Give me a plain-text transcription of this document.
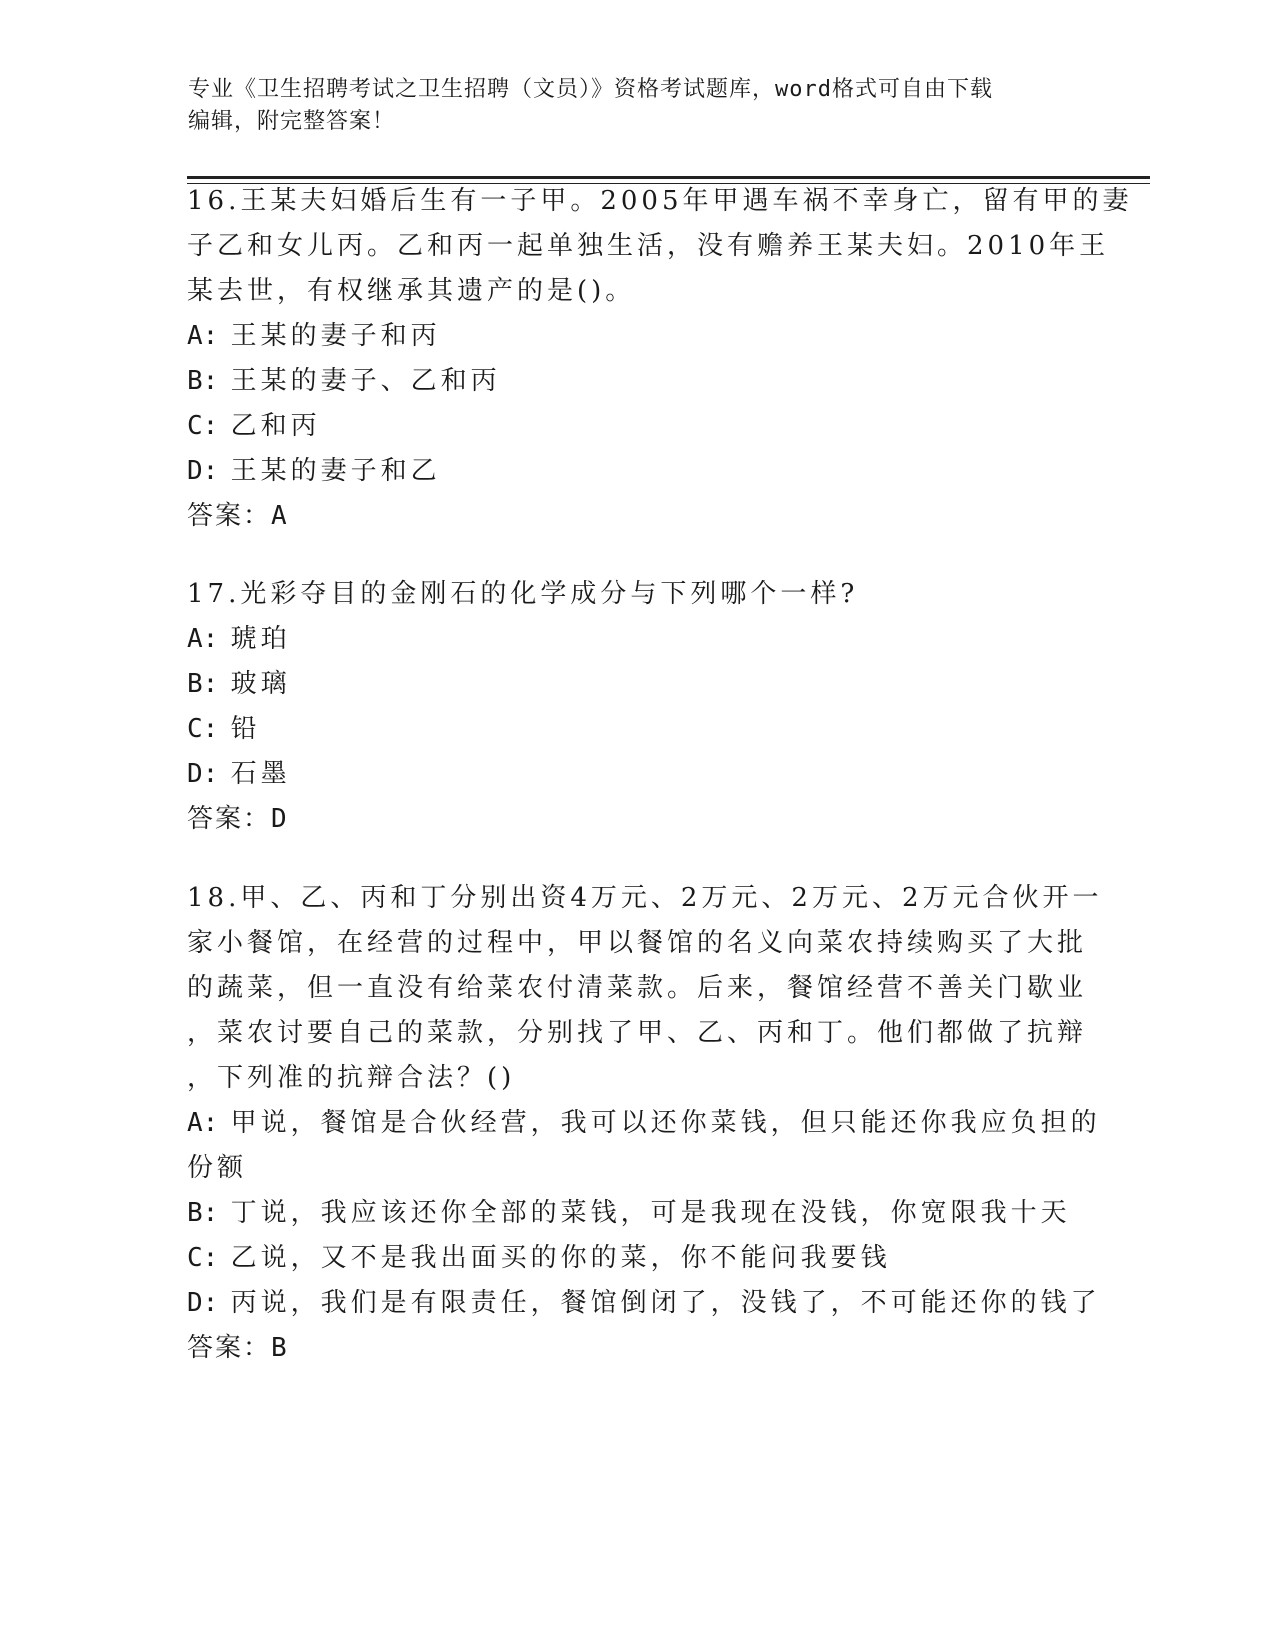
专业《卫生招聘考试之卫生招聘（文员）》资格考试题库，word格式可自由下载
编辑，附完整答案！
16.王某夫妇婚后生有一子甲。2005年甲遇车祸不幸身亡，留有甲的妻
子乙和女儿丙。乙和丙一起单独生活，没有赡养王某夫妇。2010年王
某去世，有权继承其遗产的是()。
A: 王某的妻子和丙
B: 王某的妻子、乙和丙
C: 乙和丙
D: 王某的妻子和乙
答案：A
17.光彩夺目的金刚石的化学成分与下列哪个一样?
A: 琥珀
B: 玻璃
C: 铅
D: 石墨
答案：D
18.甲、乙、丙和丁分别出资4万元、2万元、2万元、2万元合伙开一
家小餐馆，在经营的过程中，甲以餐馆的名义向菜农持续购买了大批
的蔬菜，但一直没有给菜农付清菜款。后来，餐馆经营不善关门歇业
，菜农讨要自己的菜款，分别找了甲、乙、丙和丁。他们都做了抗辩
，下列准的抗辩合法？()
A: 甲说，餐馆是合伙经营，我可以还你菜钱，但只能还你我应负担的
份额
B: 丁说，我应该还你全部的菜钱，可是我现在没钱，你宽限我十天
C: 乙说，又不是我出面买的你的菜，你不能问我要钱
D: 丙说，我们是有限责任，餐馆倒闭了，没钱了，不可能还你的钱了
答案：B
